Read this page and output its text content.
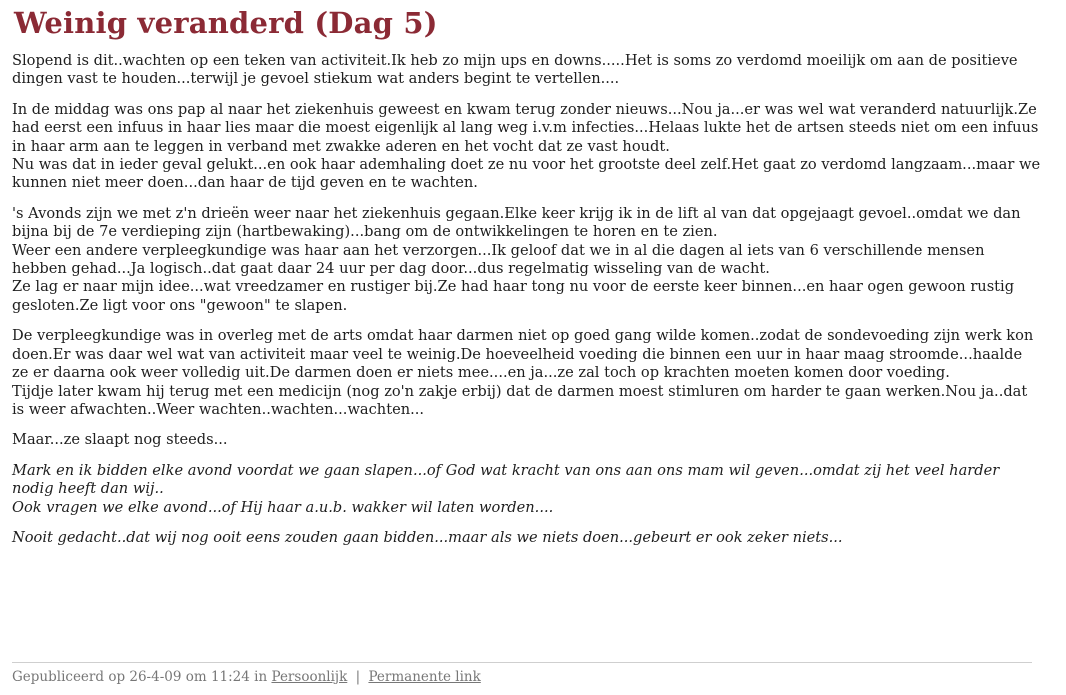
Weinig veranderd (Dag 5)

Slopend is dit..wachten op een teken van activiteit.Ik heb zo mijn ups en downs.....Het is soms zo verdomd moeilijk om aan de positieve dingen vast te houden...terwijl je gevoel stiekum wat anders begint te vertellen....

In de middag was ons pap al naar het ziekenhuis geweest en kwam terug zonder nieuws...Nou ja...er was wel wat veranderd natuurlijk.Ze had eerst een infuus in haar lies maar die moest eigenlijk al lang weg i.v.m infecties...Helaas lukte het de artsen steeds niet om een infuus in haar arm aan te leggen in verband met zwakke aderen en het vocht dat ze vast houdt.
Nu was dat in ieder geval gelukt...en ook haar ademhaling doet ze nu voor het grootste deel zelf.Het gaat zo verdomd langzaam...maar we kunnen niet meer doen...dan haar de tijd geven en te wachten.

's Avonds zijn we met z'n drieën weer naar het ziekenhuis gegaan.Elke keer krijg ik in de lift al van dat opgejaagt gevoel..omdat we dan bijna bij de 7e verdieping zijn (hartbewaking)...bang om de ontwikkelingen te horen en te zien.
Weer een andere verpleegkundige was haar aan het verzorgen...Ik geloof dat we in al die dagen al iets van 6 verschillende mensen hebben gehad...Ja logisch..dat gaat daar 24 uur per dag door...dus regelmatig wisseling van de wacht.
Ze lag er naar mijn idee...wat vreedzamer en rustiger bij.Ze had haar tong nu voor de eerste keer binnen...en haar ogen gewoon rustig gesloten.Ze ligt voor ons "gewoon" te slapen.

De verpleegkundige was in overleg met de arts omdat haar darmen niet op goed gang wilde komen..zodat de sondevoeding zijn werk kon doen.Er was daar wel wat van activiteit maar veel te weinig.De hoeveelheid voeding die binnen een uur in haar maag stroomde...haalde ze er daarna ook weer volledig uit.De darmen doen er niets mee....en ja...ze zal toch op krachten moeten komen door voeding.
Tijdje later kwam hij terug met een medicijn (nog zo'n zakje erbij) dat de darmen moest stimluren om harder te gaan werken.Nou ja..dat is weer afwachten..Weer wachten..wachten...wachten...

Maar...ze slaapt nog steeds...

Mark en ik bidden elke avond voordat we gaan slapen...of God wat kracht van ons aan ons mam wil geven...omdat zij het veel harder nodig heeft dan wij..
Ook vragen we elke avond...of Hij haar a.u.b. wakker wil laten worden....

Nooit gedacht..dat wij nog ooit eens zouden gaan bidden...maar als we niets doen...gebeurt er ook zeker niets...

Gepubliceerd op 26-4-09 om 11:24 in Persoonlijk | Permanente link
